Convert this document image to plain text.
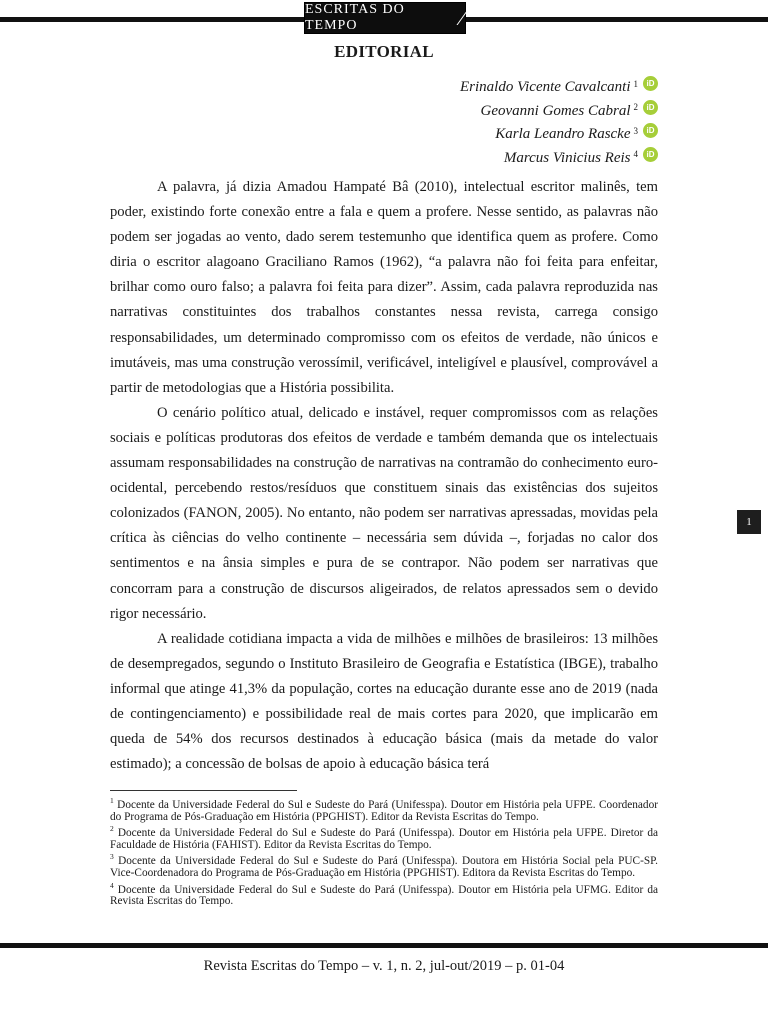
ESCRITAS DO TEMPO	⁄
EDITORIAL
Erinaldo Vicente Cavalcanti $^1$	iD
Geovanni Gomes Cabral $^2$	iD
Karla Leandro Rascke $^3$	iD
Marcus Vinicius Reis $^4$	iD

A palavra, já dizia Amadou Hampaté Bâ (2010), intelectual escritor malinês, tem poder, existindo forte conexão entre a fala e quem a profere. Nesse sentido, as palavras não podem ser jogadas ao vento, dado serem testemunho que identifica quem as profere. Como diria o escritor alagoano Graciliano Ramos (1962), “a palavra não foi feita para enfeitar, brilhar como ouro falso; a palavra foi feita para dizer”. Assim, cada palavra reproduzida nas narrativas constituintes dos trabalhos constantes nessa revista, carrega consigo responsabilidades, um determinado compromisso com os efeitos de verdade, não únicos e imutáveis, mas uma construção verossímil, verificável, inteligível e plausível, comprovável a partir de metodologias que a História possibilita.

O cenário político atual, delicado e instável, requer compromissos com as relações sociais e políticas produtoras dos efeitos de verdade e também demanda que os intelectuais assumam responsabilidades na construção de narrativas na contramão do conhecimento euro-ocidental, percebendo restos/resíduos que constituem sinais das existências dos sujeitos colonizados (FANON, 2005). No entanto, não podem ser narrativas apressadas, movidas pela crítica às ciências do velho continente – necessária sem dúvida –, forjadas no calor dos sentimentos e na ânsia simples e pura de se contrapor. Não podem ser narrativas que concorram para a construção de discursos aligeirados, de relatos apressados sem o devido rigor necessário.

A realidade cotidiana impacta a vida de milhões e milhões de brasileiros: 13 milhões de desempregados, segundo o Instituto Brasileiro de Geografia e Estatística (IBGE), trabalho informal que atinge 41,3% da população, cortes na educação durante esse ano de 2019 (nada de contingenciamento) e possibilidade real de mais cortes para 2020, que implicarão em queda de 54% dos recursos destinados à educação básica (mais da metade do valor estimado); a concessão de bolsas de apoio à educação básica terá

1

$^1$ Docente da Universidade Federal do Sul e Sudeste do Pará (Unifesspa). Doutor em História pela UFPE. Coordenador do Programa de Pós-Graduação em História (PPGHIST). Editor da Revista Escritas do Tempo.

$^2$ Docente da Universidade Federal do Sul e Sudeste do Pará (Unifesspa). Doutor em História pela UFPE. Diretor da Faculdade de História (FAHIST). Editor da Revista Escritas do Tempo.

$^3$ Docente da Universidade Federal do Sul e Sudeste do Pará (Unifesspa). Doutora em História Social pela PUC-SP. Vice-Coordenadora do Programa de Pós-Graduação em História (PPGHIST). Editora da Revista Escritas do Tempo.

$^4$ Docente da Universidade Federal do Sul e Sudeste do Pará (Unifesspa). Doutor em História pela UFMG. Editor da Revista Escritas do Tempo.

Revista Escritas do Tempo – v. 1, n. 2, jul-out/2019 – p. 01-04
